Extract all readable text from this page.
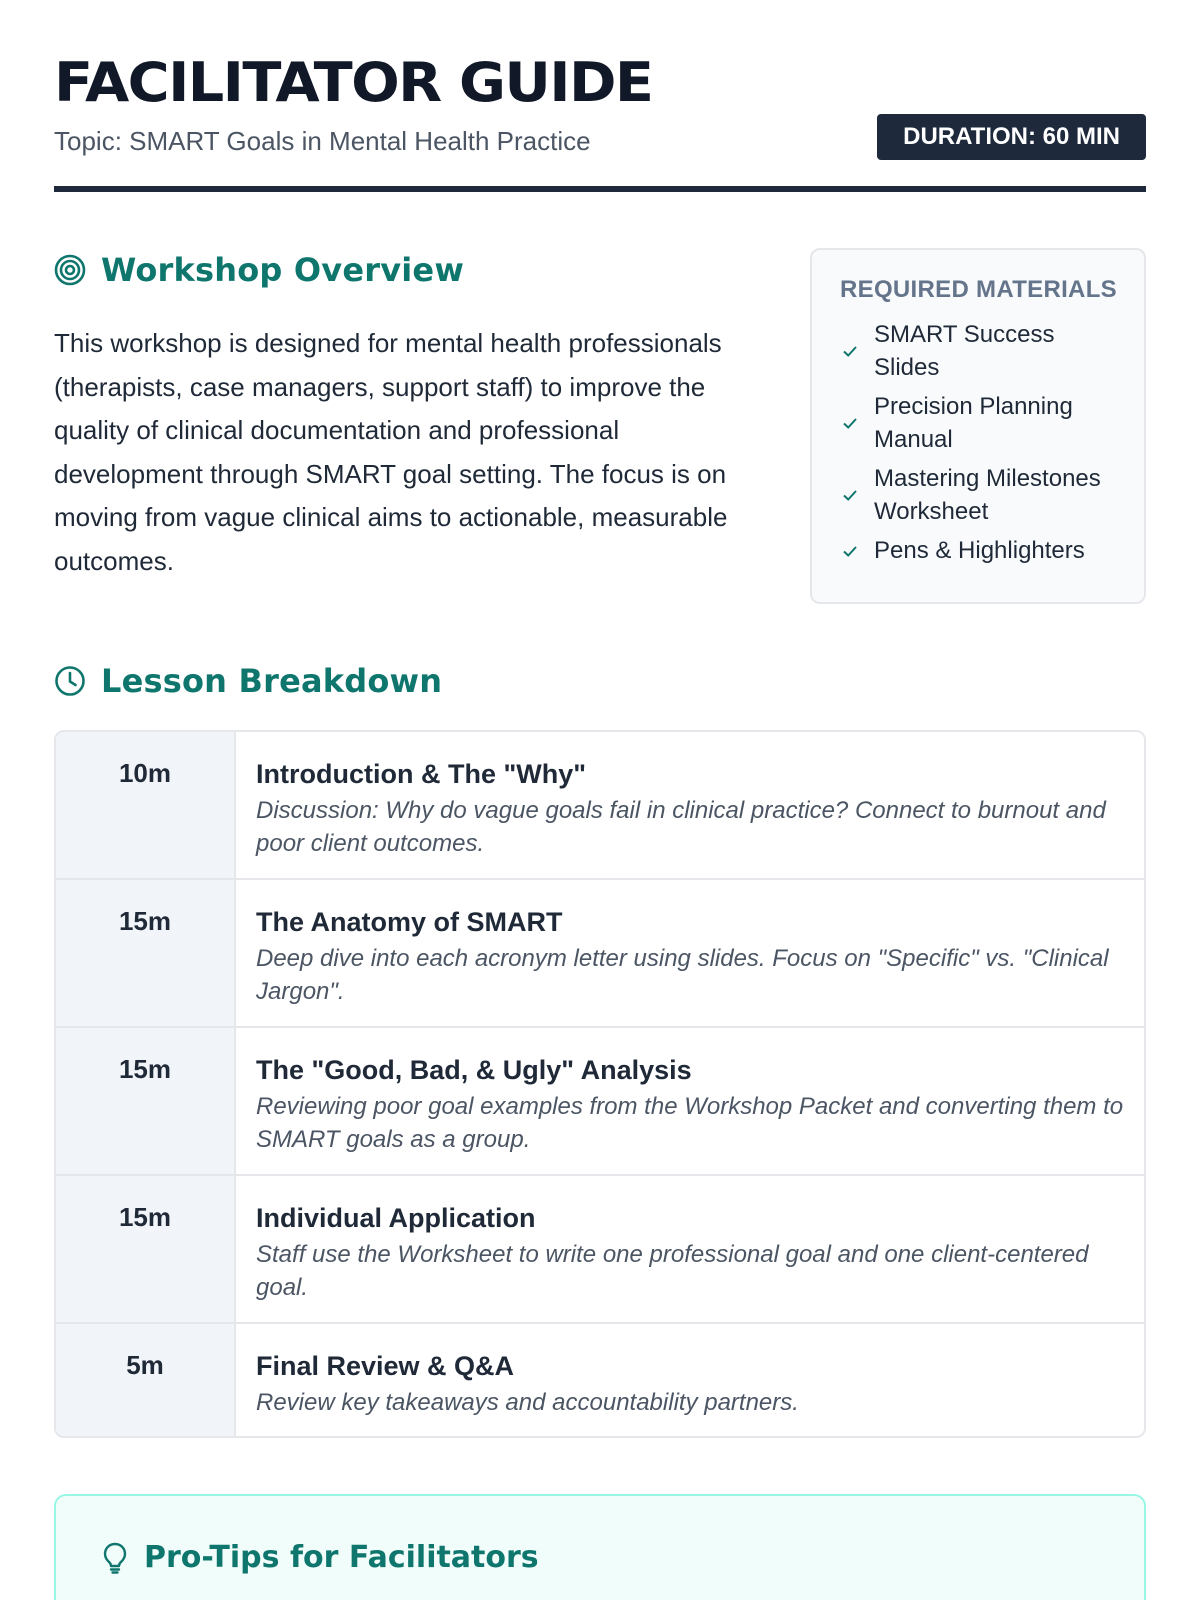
FACILITATOR GUIDE
Topic: SMART Goals in Mental Health Practice	DURATION: 60 MIN
Workshop Overview

This workshop is designed for mental health professionals (therapists, case managers, support staff) to improve the quality of clinical documentation and professional development through SMART goal setting. The focus is on moving from vague clinical aims to actionable, measurable outcomes.

REQUIRED MATERIALS
SMART Success Slides
Precision Planning Manual
Mastering Milestones Worksheet
Pens & Highlighters
Lesson Breakdown
10m	Introduction & The "Why"
Discussion: Why do vague goals fail in clinical practice? Connect to burnout and poor client outcomes.
15m	The Anatomy of SMART
Deep dive into each acronym letter using slides. Focus on "Specific" vs. "Clinical Jargon".
15m	The "Good, Bad, & Ugly" Analysis
Reviewing poor goal examples from the Workshop Packet and converting them to SMART goals as a group.
15m	Individual Application
Staff use the Worksheet to write one professional goal and one client-centered goal.
5m	Final Review & Q&A
Review key takeaways and accountability partners.
Pro-Tips for Facilitators
